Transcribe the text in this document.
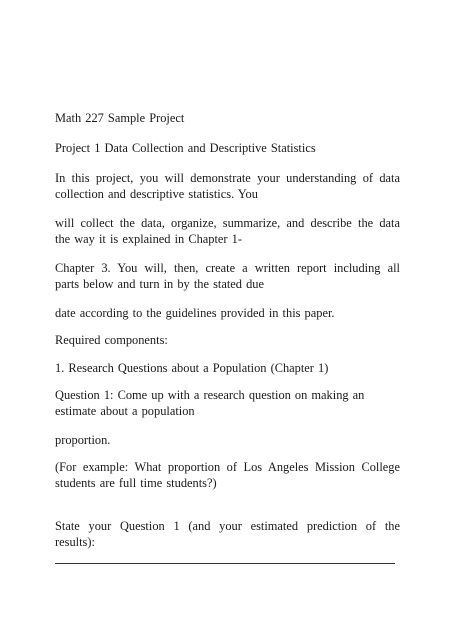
Math 227 Sample Project
Project 1 Data Collection and Descriptive Statistics
In this project, you will demonstrate your understanding of data
collection and descriptive statistics. You
will collect the data, organize, summarize, and describe the data
the way it is explained in Chapter 1-
Chapter 3. You will, then, create a written report including all
parts below and turn in by the stated due
date according to the guidelines provided in this paper.
Required components:
1. Research Questions about a Population (Chapter 1)
Question 1: Come up with a research question on making an
estimate about a population
proportion.
(For example: What proportion of Los Angeles Mission College
students are full time students?)
State your Question 1 (and your estimated prediction of the
results):
